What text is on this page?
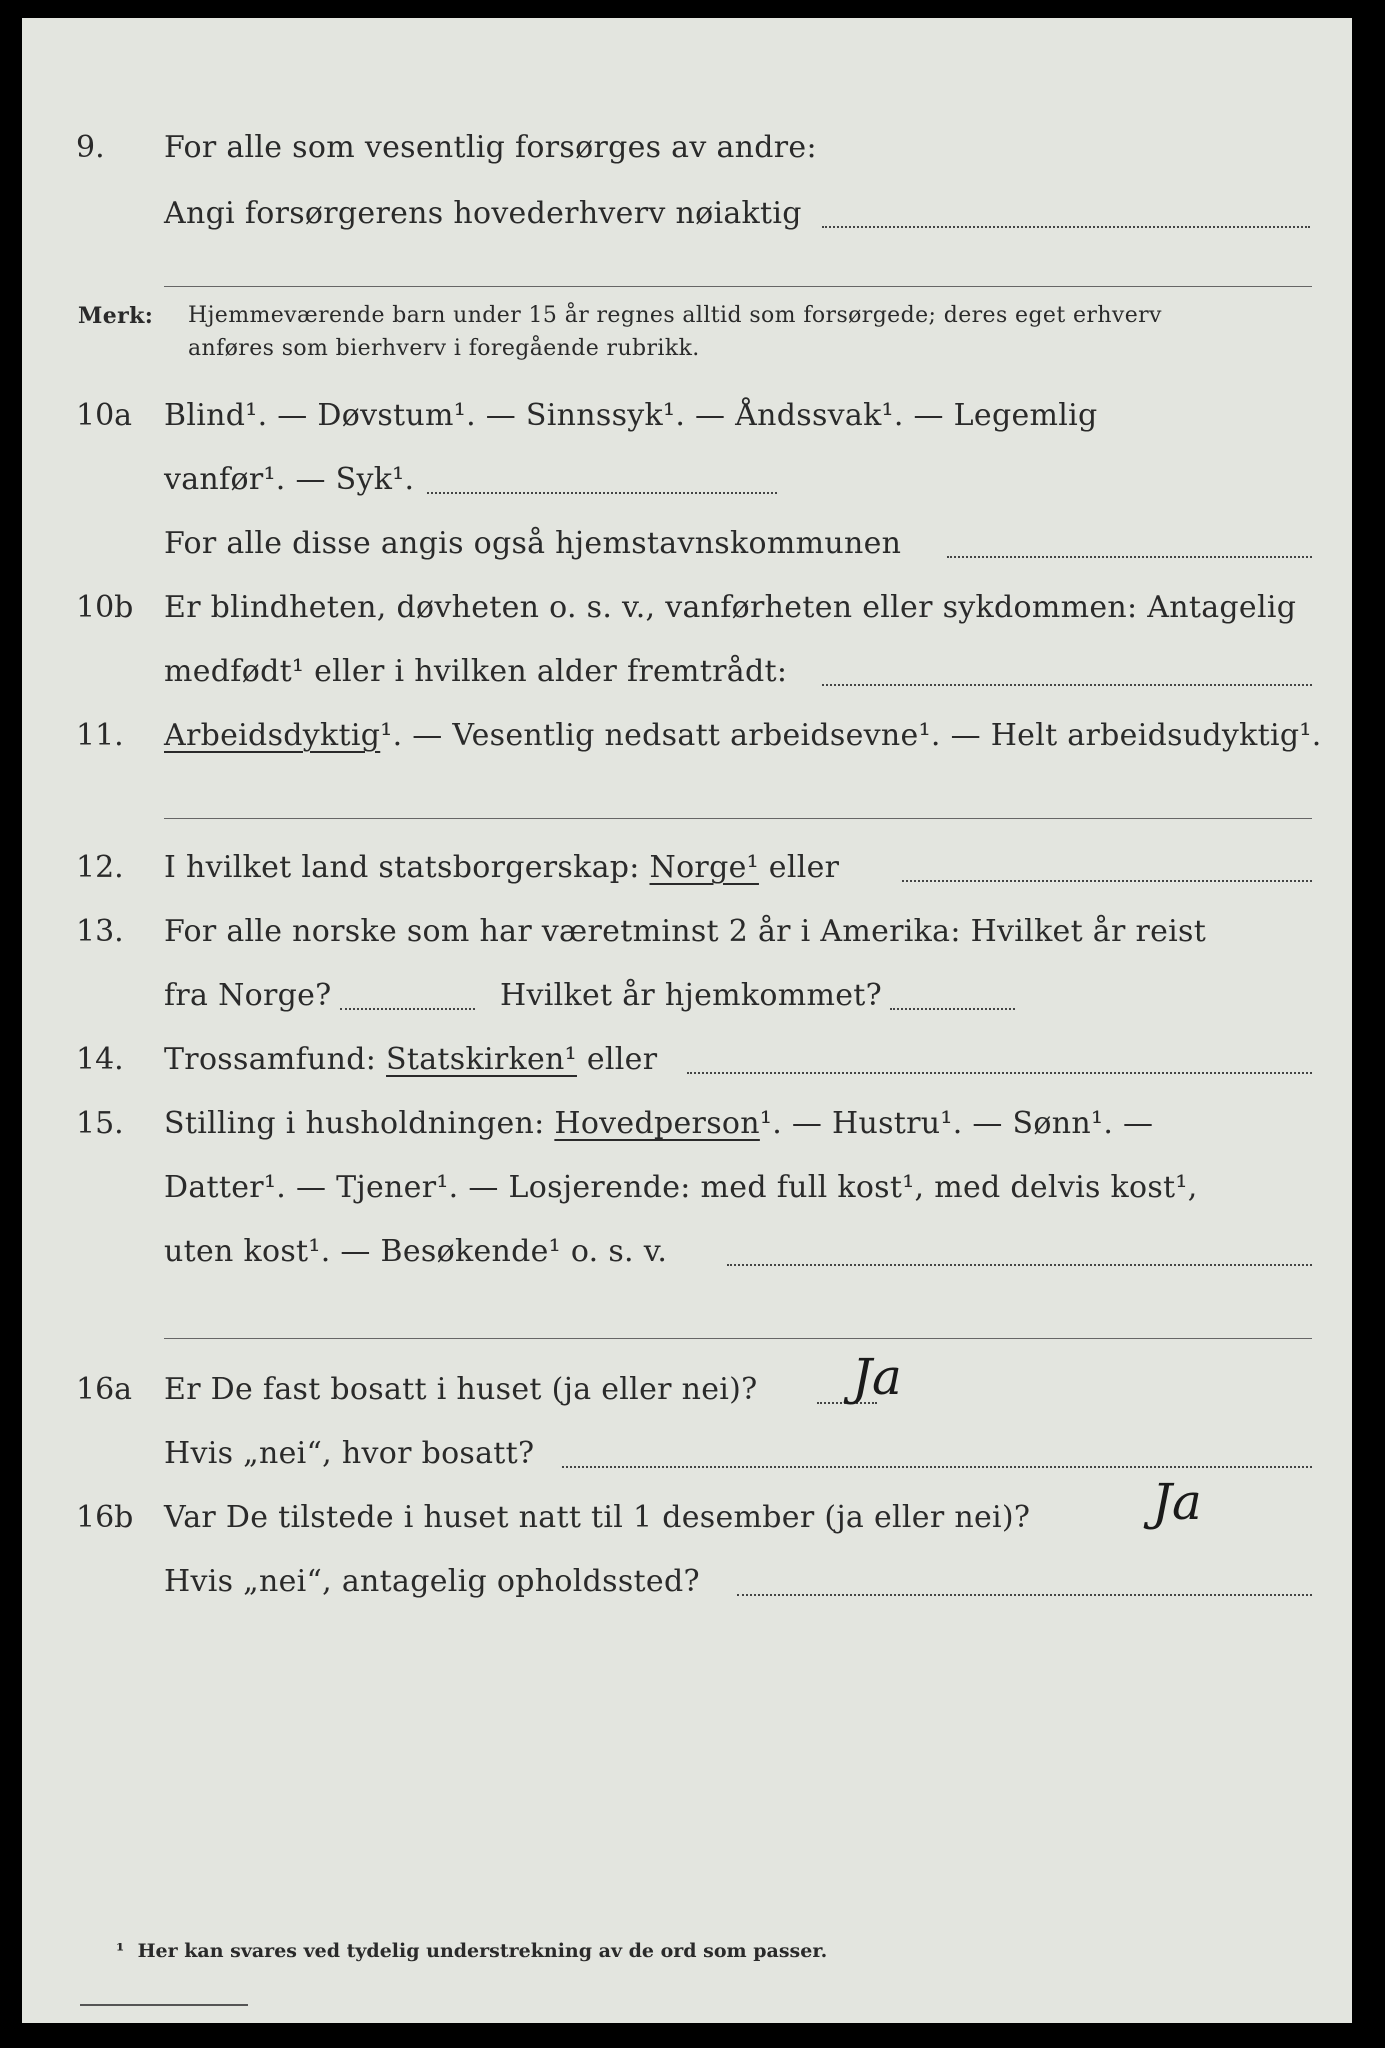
9. For alle som vesentlig forsørges av andre:
Angi forsørgerens hovederhverv nøiaktig
Merk: Hjemmeværende barn under 15 år regnes alltid som forsørgede; deres eget erhverv
anføres som bierhverv i foregående rubrikk.
10a Blind¹. — Døvstum¹. — Sinnssyk¹. — Åndssvak¹. — Legemlig
vanfør¹. — Syk¹.
For alle disse angis også hjemstavnskommunen
10b Er blindheten, døvheten o. s. v., vanførheten eller sykdommen: Antagelig
medfødt¹ eller i hvilken alder fremtrådt:
11. Arbeidsdyktig¹. — Vesentlig nedsatt arbeidsevne¹. — Helt arbeidsudyktig¹.
12. I hvilket land statsborgerskap: Norge¹ eller
13. For alle norske som har væretminst 2 år i Amerika: Hvilket år reist
fra Norge?	Hvilket år hjemkommet?
14. Trossamfund: Statskirken¹ eller
15. Stilling i husholdningen: Hovedperson¹. — Hustru¹. — Sønn¹. —
Datter¹. — Tjener¹. — Losjerende: med full kost¹, med delvis kost¹,
uten kost¹. — Besøkende¹ o. s. v.
16a Er De fast bosatt i huset (ja eller nei)? Ja
Hvis „nei“, hvor bosatt?
16b Var De tilstede i huset natt til 1 desember (ja eller nei)? Ja
Hvis „nei“, antagelig opholdssted?
¹ Her kan svares ved tydelig understrekning av de ord som passer.
